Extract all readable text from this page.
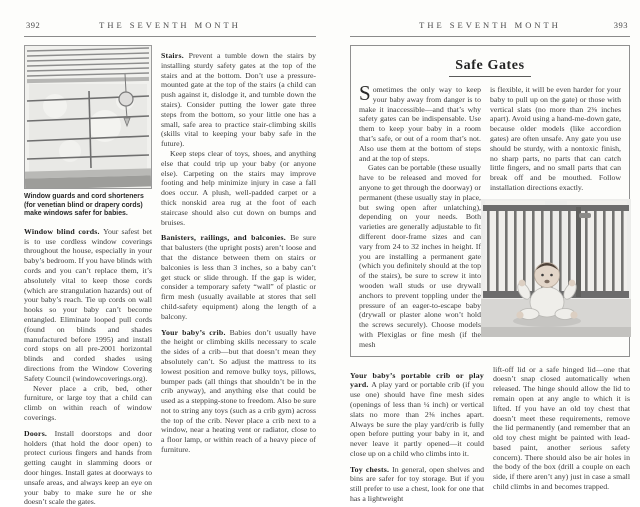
392	THE SEVENTH MONTH

Window guards and cord shorteners (for venetian blind or drapery cords) make windows safer for babies.

Window blind cords. Your safest bet is to use cordless window coverings throughout the house, especially in your baby’s bedroom. If you have blinds with cords and you can’t replace them, it’s absolutely vital to keep those cords (which are strangulation hazards) out of your baby’s reach. Tie up cords on wall hooks so your baby can’t become entangled. Eliminate looped pull cords (found on blinds and shades manufactured before 1995) and install cord stops on all pre-2001 horizontal blinds and corded shades using directions from the Window Covering Safety Council (windowcoverings.org).

Never place a crib, bed, other furniture, or large toy that a child can climb on within reach of window coverings.

Doors. Install doorstops and door holders (that hold the door open) to protect curious fingers and hands from getting caught in slamming doors or door hinges. Install gates at doorways to unsafe areas, and always keep an eye on your baby to make sure he or she doesn’t scale the gates.

Stairs. Prevent a tumble down the stairs by installing sturdy safety gates at the top of the stairs and at the bottom. Don’t use a pressure-mounted gate at the top of the stairs (a child can push against it, dislodge it, and tumble down the stairs). Consider putting the lower gate three steps from the bottom, so your little one has a small, safe area to practice stair-climbing skills (skills vital to keeping your baby safe in the future).

Keep steps clear of toys, shoes, and anything else that could trip up your baby (or anyone else). Carpeting on the stairs may improve footing and help minimize injury in case a fall does occur. A plush, well-padded carpet or a thick nonskid area rug at the foot of each staircase should also cut down on bumps and bruises.

Banisters, railings, and balconies. Be sure that balusters (the upright posts) aren’t loose and that the distance between them on stairs or balconies is less than 3 inches, so a baby can’t get stuck or slide through. If the gap is wider, consider a temporary safety “wall” of plastic or firm mesh (usually available at stores that sell child-safety equipment) along the length of a balcony.

Your baby’s crib. Babies don’t usually have the height or climbing skills necessary to scale the sides of a crib—but that doesn’t mean they absolutely can’t. So adjust the mattress to its lowest position and remove bulky toys, pillows, bumper pads (all things that shouldn’t be in the crib anyway), and anything else that could be used as a stepping-stone to freedom. Also be sure not to string any toys (such as a crib gym) across the top of the crib. Never place a crib next to a window, near a heating vent or radiator, close to a floor lamp, or within reach of a heavy piece of furniture.

THE SEVENTH MONTH	393
Safe Gates

Sometimes the only way to keep your baby away from danger is to make it inaccessible—and that’s why safety gates can be indispensable. Use them to keep your baby in a room that’s safe, or out of a room that’s not. Also use them at the bottom of steps and at the top of steps.

Gates can be portable (these usually have to be released and moved for anyone to get through the doorway) or permanent (these usually stay in place, but swing open after unlatching), depending on your needs. Both varieties are generally adjustable to fit different door-frame sizes and can vary from 24 to 32 inches in height. If you are installing a permanent gate (which you definitely should at the top of the stairs), be sure to screw it into wooden wall studs or use drywall anchors to prevent toppling under the pressure of an eager-to-escape baby (drywall or plaster alone won’t hold the screws securely). Choose models with Plexiglas or fine mesh (if the mesh

is flexible, it will be even harder for your baby to pull up on the gate) or those with vertical slats (no more than 2⅜ inches apart). Avoid using a hand-me-down gate, because older models (like accordion gates) are often unsafe. Any gate you use should be sturdy, with a nontoxic finish, no sharp parts, no parts that can catch little fingers, and no small parts that can break off and be mouthed. Follow installation directions exactly.

Your baby’s portable crib or play yard. A play yard or portable crib (if you use one) should have fine mesh sides (openings of less than ¼ inch) or vertical slats no more than 2⅜ inches apart. Always be sure the play yard/crib is fully open before putting your baby in it, and never leave it partly opened—it could close up on a child who climbs into it.

Toy chests. In general, open shelves and bins are safer for toy storage. But if you still prefer to use a chest, look for one that has a lightweight

lift-off lid or a safe hinged lid—one that doesn’t snap closed automatically when released. The hinge should allow the lid to remain open at any angle to which it is lifted. If you have an old toy chest that doesn’t meet these requirements, remove the lid permanently (and remember that an old toy chest might be painted with lead-based paint, another serious safety concern). There should also be air holes in the body of the box (drill a couple on each side, if there aren’t any) just in case a small child climbs in and becomes trapped.
